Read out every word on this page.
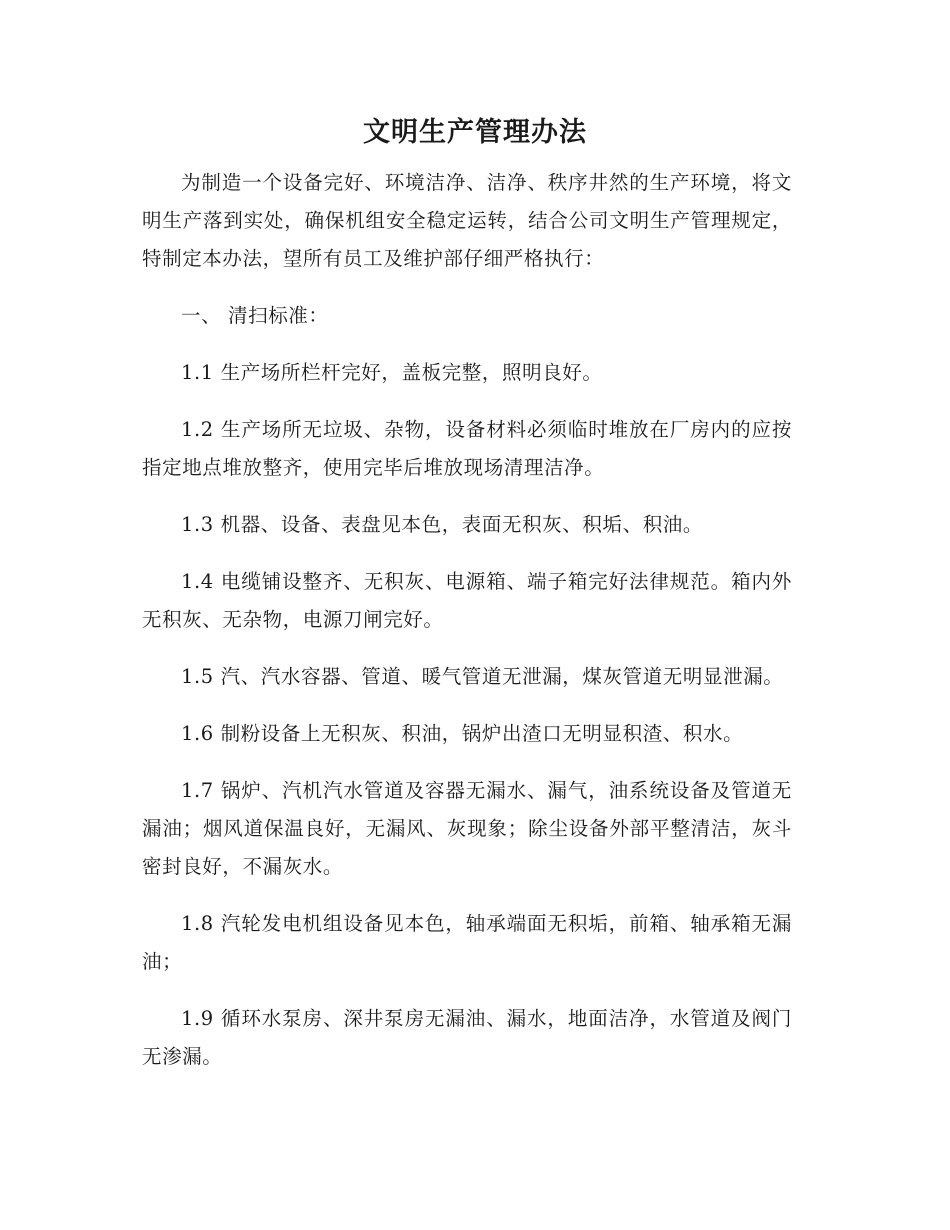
文明生产管理办法

为制造一个设备完好、环境洁净、洁净、秩序井然的生产环境，将文明生产落到实处，确保机组安全稳定运转，结合公司文明生产管理规定，特制定本办法，望所有员工及维护部仔细严格执行：

一、 清扫标准：

1.1 生产场所栏杆完好，盖板完整，照明良好。

1.2 生产场所无垃圾、杂物，设备材料必须临时堆放在厂房内的应按指定地点堆放整齐，使用完毕后堆放现场清理洁净。

1.3 机器、设备、表盘见本色，表面无积灰、积垢、积油。

1.4 电缆铺设整齐、无积灰、电源箱、端子箱完好法律规范。箱内外无积灰、无杂物，电源刀闸完好。

1.5 汽、汽水容器、管道、暖气管道无泄漏，煤灰管道无明显泄漏。

1.6 制粉设备上无积灰、积油，锅炉出渣口无明显积渣、积水。

1.7 锅炉、汽机汽水管道及容器无漏水、漏气，油系统设备及管道无漏油；烟风道保温良好，无漏风、灰现象；除尘设备外部平整清洁，灰斗密封良好，不漏灰水。

1.8 汽轮发电机组设备见本色，轴承端面无积垢，前箱、轴承箱无漏油；

1.9 循环水泵房、深井泵房无漏油、漏水，地面洁净，水管道及阀门无渗漏。
